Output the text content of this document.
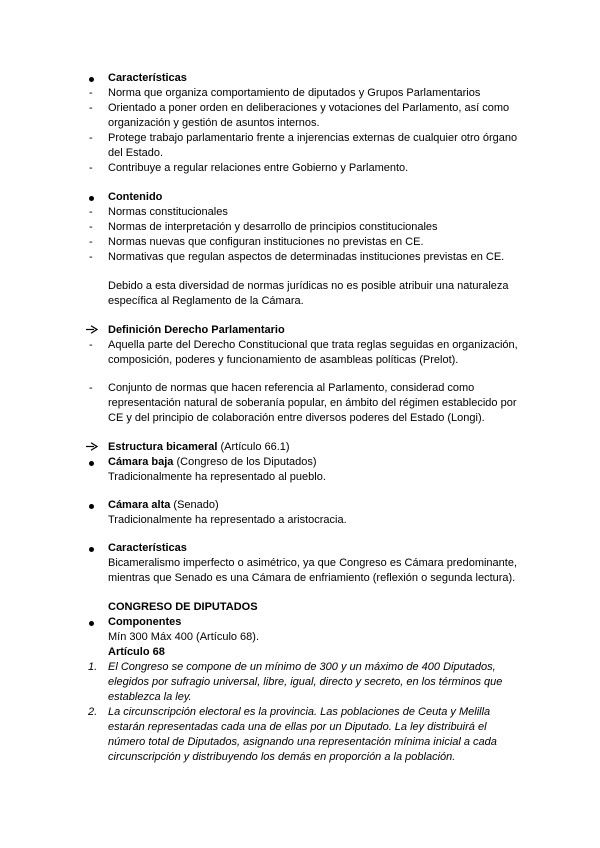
Características
- Norma que organiza comportamiento de diputados y Grupos Parlamentarios
- Orientado a poner orden en deliberaciones y votaciones del Parlamento, así como
organización y gestión de asuntos internos.
- Protege trabajo parlamentario frente a injerencias externas de cualquier otro órgano
del Estado.
- Contribuye a regular relaciones entre Gobierno y Parlamento.
Contenido
- Normas constitucionales
- Normas de interpretación y desarrollo de principios constitucionales
- Normas nuevas que configuran instituciones no previstas en CE.
- Normativas que regulan aspectos de determinadas instituciones previstas en CE.
Debido a esta diversidad de normas jurídicas no es posible atribuir una naturaleza
específica al Reglamento de la Cámara.
Definición Derecho Parlamentario
- Aquella parte del Derecho Constitucional que trata reglas seguidas en organización,
composición, poderes y funcionamiento de asambleas políticas (Prelot).
- Conjunto de normas que hacen referencia al Parlamento, considerad como
representación natural de soberanía popular, en ámbito del régimen establecido por
CE y del principio de colaboración entre diversos poderes del Estado (Longi).
Estructura bicameral (Artículo 66.1)
Cámara baja (Congreso de los Diputados)
Tradicionalmente ha representado al pueblo.
Cámara alta (Senado)
Tradicionalmente ha representado a aristocracia.
Características
Bicameralismo imperfecto o asimétrico, ya que Congreso es Cámara predominante,
mientras que Senado es una Cámara de enfriamiento (reflexión o segunda lectura).
CONGRESO DE DIPUTADOS
Componentes
Mín 300 Máx 400 (Artículo 68).
Artículo 68
1. El Congreso se compone de un mínimo de 300 y un máximo de 400 Diputados,
elegidos por sufragio universal, libre, igual, directo y secreto, en los términos que
establezca la ley.
2. La circunscripción electoral es la provincia. Las poblaciones de Ceuta y Melilla
estarán representadas cada una de ellas por un Diputado. La ley distribuirá el
número total de Diputados, asignando una representación mínima inicial a cada
circunscripción y distribuyendo los demás en proporción a la población.
